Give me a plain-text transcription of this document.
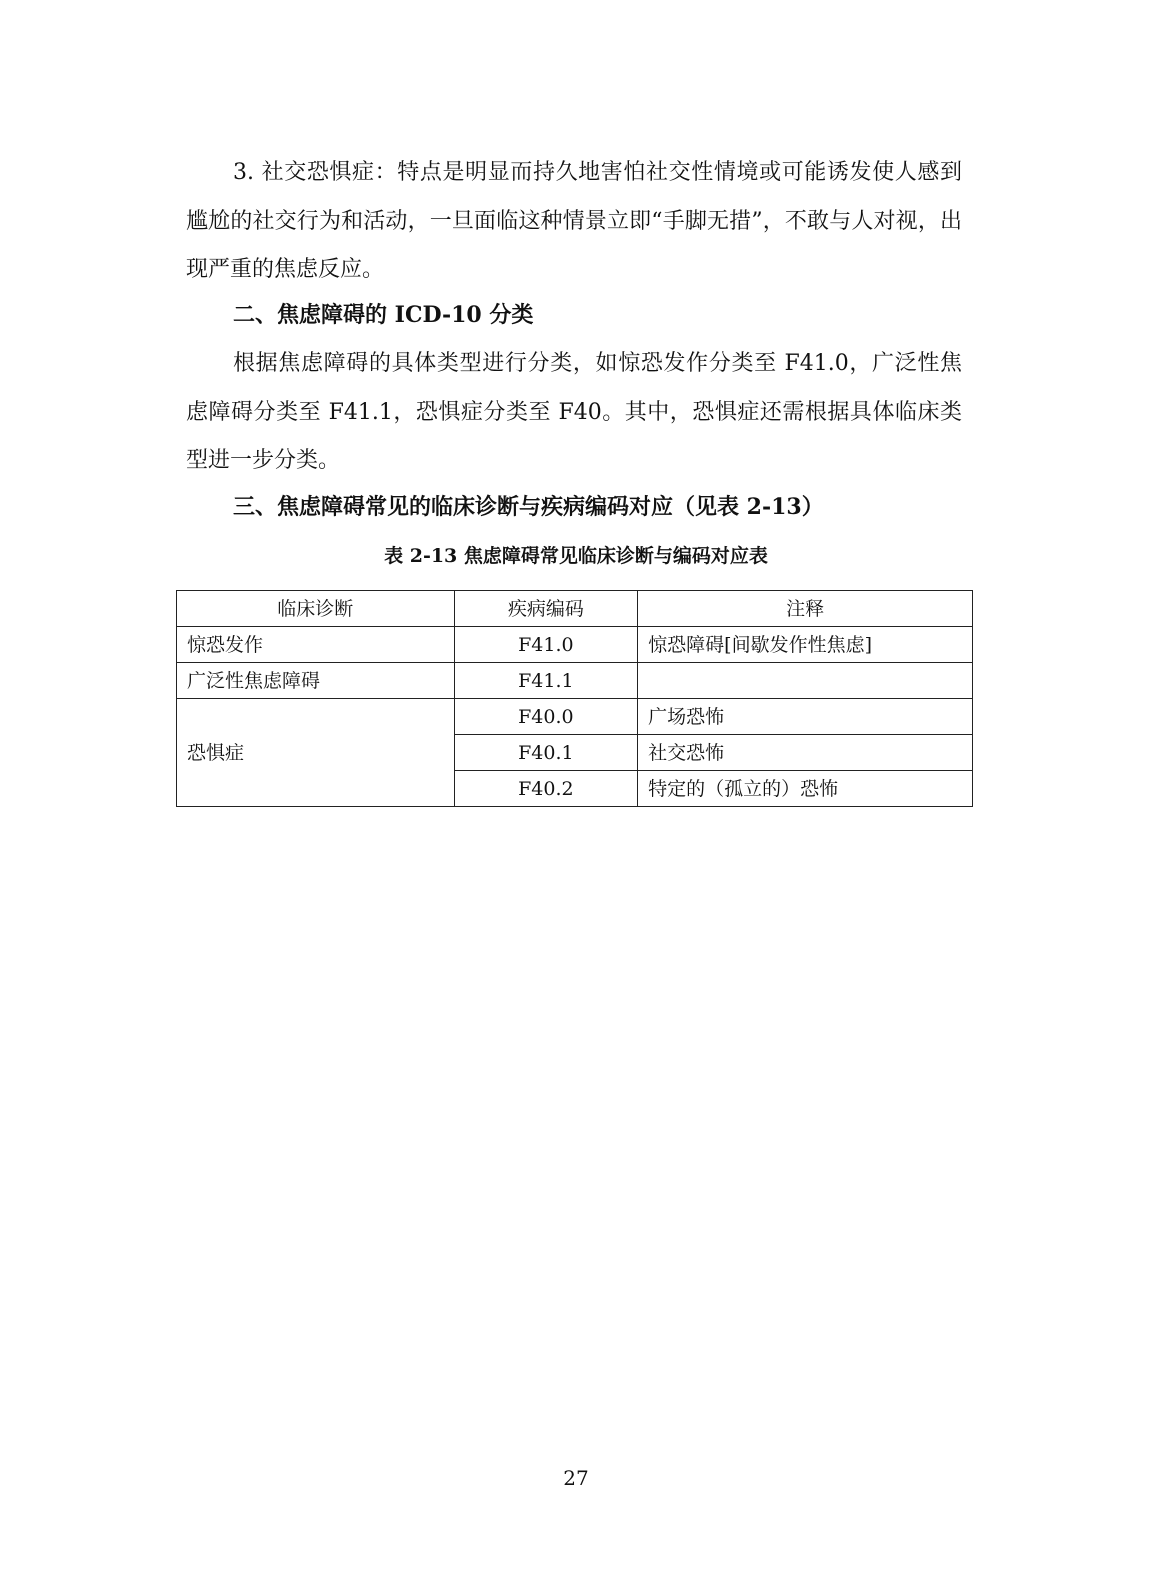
3. 社交恐惧症：特点是明显而持久地害怕社交性情境或可能诱发使人感到尴尬的社交行为和活动，一旦面临这种情景立即“手脚无措”，不敢与人对视，出现严重的焦虑反应。

二、焦虑障碍的 ICD-10 分类

根据焦虑障碍的具体类型进行分类，如惊恐发作分类至 F41.0，广泛性焦虑障碍分类至 F41.1，恐惧症分类至 F40。其中，恐惧症还需根据具体临床类型进一步分类。

三、焦虑障碍常见的临床诊断与疾病编码对应（见表 2-13）

表 2-13 焦虑障碍常见临床诊断与编码对应表

临床诊断	疾病编码	注释
惊恐发作	F41.0	惊恐障碍[间歇发作性焦虑]
广泛性焦虑障碍	F41.1	
恐惧症	F40.0	广场恐怖
	F40.1	社交恐怖
	F40.2	特定的（孤立的）恐怖

27
